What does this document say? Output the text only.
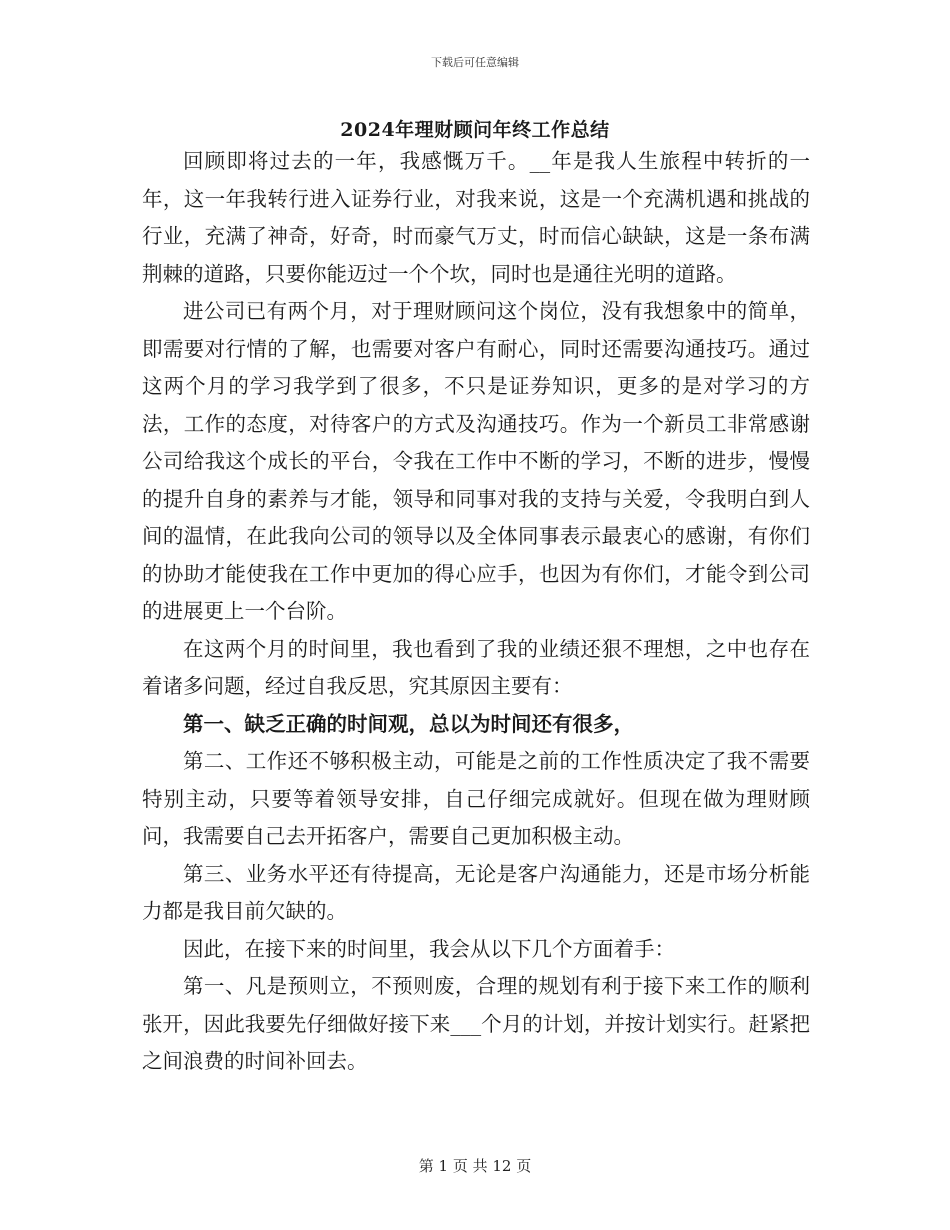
下载后可任意编辑
2024年理财顾问年终工作总结

回顾即将过去的一年，我感慨万千。__年是我人生旅程中转折的一年，这一年我转行进入证券行业，对我来说，这是一个充满机遇和挑战的行业，充满了神奇，好奇，时而豪气万丈，时而信心缺缺，这是一条布满荆棘的道路，只要你能迈过一个个坎，同时也是通往光明的道路。

进公司已有两个月，对于理财顾问这个岗位，没有我想象中的简单，即需要对行情的了解，也需要对客户有耐心，同时还需要沟通技巧。通过这两个月的学习我学到了很多，不只是证券知识，更多的是对学习的方法，工作的态度，对待客户的方式及沟通技巧。作为一个新员工非常感谢公司给我这个成长的平台，令我在工作中不断的学习，不断的进步，慢慢的提升自身的素养与才能，领导和同事对我的支持与关爱，令我明白到人间的温情，在此我向公司的领导以及全体同事表示最衷心的感谢，有你们的协助才能使我在工作中更加的得心应手，也因为有你们，才能令到公司的进展更上一个台阶。

在这两个月的时间里，我也看到了我的业绩还狠不理想，之中也存在着诸多问题，经过自我反思，究其原因主要有：

第一、缺乏正确的时间观，总以为时间还有很多，

第二、工作还不够积极主动，可能是之前的工作性质决定了我不需要特别主动，只要等着领导安排，自己仔细完成就好。但现在做为理财顾问，我需要自己去开拓客户，需要自己更加积极主动。

第三、业务水平还有待提高，无论是客户沟通能力，还是市场分析能力都是我目前欠缺的。

因此，在接下来的时间里，我会从以下几个方面着手：

第一、凡是预则立，不预则废，合理的规划有利于接下来工作的顺利张开，因此我要先仔细做好接下来___个月的计划，并按计划实行。赶紧把之间浪费的时间补回去。

第 1 页 共 12 页
